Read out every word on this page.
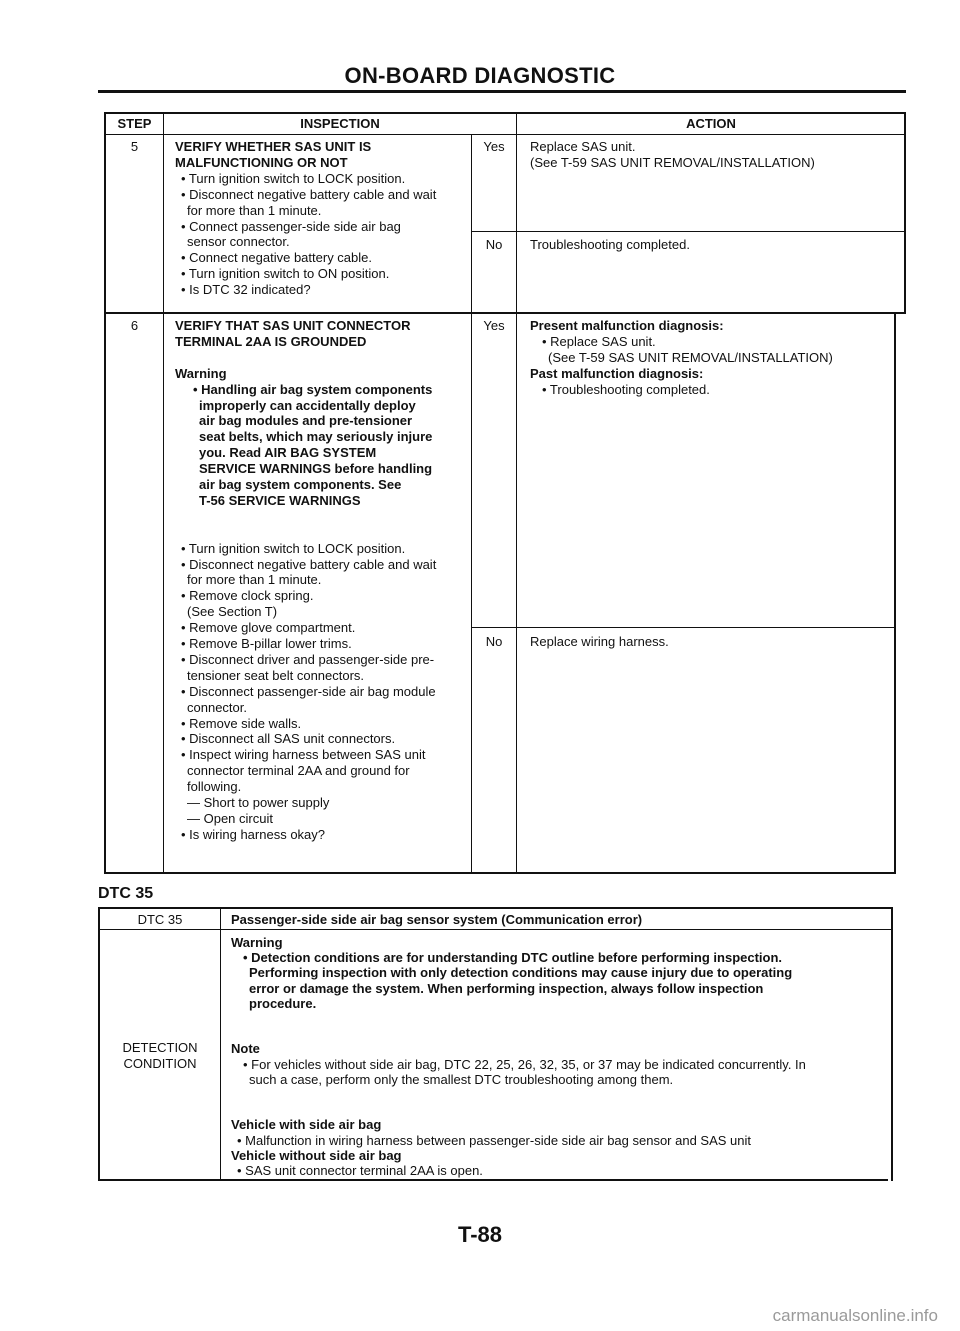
ON-BOARD DIAGNOSTIC
STEP	INSPECTION	ACTION
5	VERIFY WHETHER SAS UNIT IS
MALFUNCTIONING OR NOT
• Turn ignition switch to LOCK position.
• Disconnect negative battery cable and wait
for more than 1 minute.
• Connect passenger-side side air bag
sensor connector.
• Connect negative battery cable.
• Turn ignition switch to ON position.
• Is DTC 32 indicated?
Yes	Replace SAS unit.
(See T-59 SAS UNIT REMOVAL/INSTALLATION)
No	Troubleshooting completed.
6	VERIFY THAT SAS UNIT CONNECTOR
TERMINAL 2AA IS GROUNDED
Warning
• Handling air bag system components
improperly can accidentally deploy
air bag modules and pre-tensioner
seat belts, which may seriously injure
you. Read AIR BAG SYSTEM
SERVICE WARNINGS before handling
air bag system components. See
T-56 SERVICE WARNINGS
• Turn ignition switch to LOCK position.
• Disconnect negative battery cable and wait
for more than 1 minute.
• Remove clock spring.
(See Section T)
• Remove glove compartment.
• Remove B-pillar lower trims.
• Disconnect driver and passenger-side pre-
tensioner seat belt connectors.
• Disconnect passenger-side air bag module
connector.
• Remove side walls.
• Disconnect all SAS unit connectors.
• Inspect wiring harness between SAS unit
connector terminal 2AA and ground for
following.
— Short to power supply
— Open circuit
• Is wiring harness okay?
Yes	Present malfunction diagnosis:
• Replace SAS unit.
(See T-59 SAS UNIT REMOVAL/INSTALLATION)
Past malfunction diagnosis:
• Troubleshooting completed.
No	Replace wiring harness.
DTC 35
DTC 35	Passenger-side side air bag sensor system (Communication error)
DETECTION
CONDITION
Warning
• Detection conditions are for understanding DTC outline before performing inspection.
Performing inspection with only detection conditions may cause injury due to operating
error or damage the system. When performing inspection, always follow inspection
procedure.
Note
• For vehicles without side air bag, DTC 22, 25, 26, 32, 35, or 37 may be indicated concurrently. In
such a case, perform only the smallest DTC troubleshooting among them.
Vehicle with side air bag
• Malfunction in wiring harness between passenger-side side air bag sensor and SAS unit
Vehicle without side air bag
• SAS unit connector terminal 2AA is open.
T-88
carmanualsonline.info
